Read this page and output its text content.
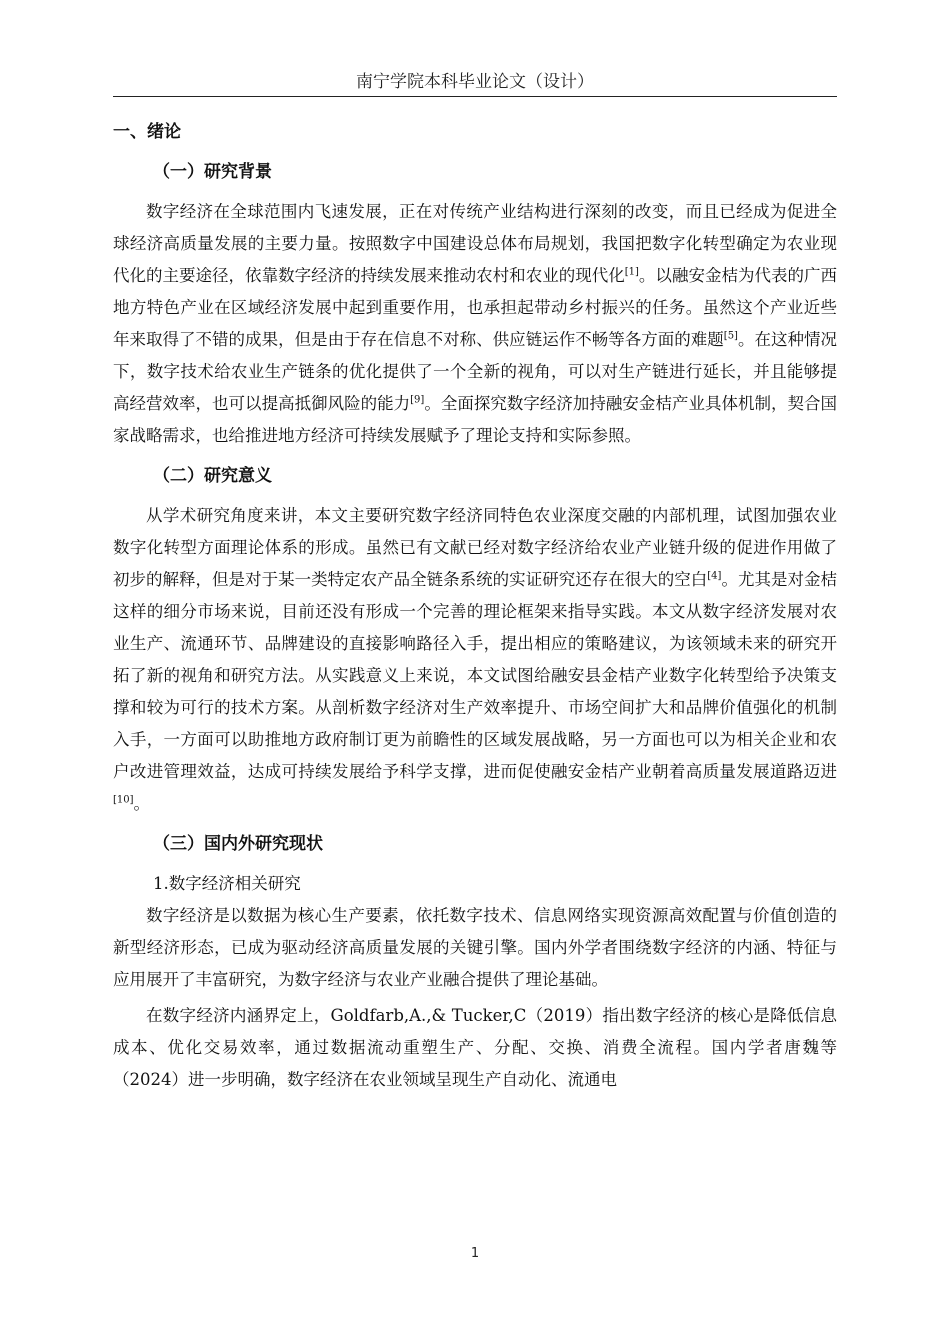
南宁学院本科毕业论文（设计）
一、绪论
（一）研究背景

数字经济在全球范围内飞速发展，正在对传统产业结构进行深刻的改变，而且已经成为促进全球经济高质量发展的主要力量。按照数字中国建设总体布局规划，我国把数字化转型确定为农业现代化的主要途径，依靠数字经济的持续发展来推动农村和农业的现代化[1]。以融安金桔为代表的广西地方特色产业在区域经济发展中起到重要作用，也承担起带动乡村振兴的任务。虽然这个产业近些年来取得了不错的成果，但是由于存在信息不对称、供应链运作不畅等各方面的难题[5]。在这种情况下，数字技术给农业生产链条的优化提供了一个全新的视角，可以对生产链进行延长，并且能够提高经营效率，也可以提高抵御风险的能力[9]。全面探究数字经济加持融安金桔产业具体机制，契合国家战略需求，也给推进地方经济可持续发展赋予了理论支持和实际参照。

（二）研究意义

从学术研究角度来讲，本文主要研究数字经济同特色农业深度交融的内部机理，试图加强农业数字化转型方面理论体系的形成。虽然已有文献已经对数字经济给农业产业链升级的促进作用做了初步的解释，但是对于某一类特定农产品全链条系统的实证研究还存在很大的空白[4]。尤其是对金桔这样的细分市场来说，目前还没有形成一个完善的理论框架来指导实践。本文从数字经济发展对农业生产、流通环节、品牌建设的直接影响路径入手，提出相应的策略建议，为该领域未来的研究开拓了新的视角和研究方法。从实践意义上来说，本文试图给融安县金桔产业数字化转型给予决策支撑和较为可行的技术方案。从剖析数字经济对生产效率提升、市场空间扩大和品牌价值强化的机制入手，一方面可以助推地方政府制订更为前瞻性的区域发展战略，另一方面也可以为相关企业和农户改进管理效益，达成可持续发展给予科学支撑，进而促使融安金桔产业朝着高质量发展道路迈进[10]。

（三）国内外研究现状
1.数字经济相关研究

数字经济是以数据为核心生产要素，依托数字技术、信息网络实现资源高效配置与价值创造的新型经济形态，已成为驱动经济高质量发展的关键引擎。国内外学者围绕数字经济的内涵、特征与应用展开了丰富研究，为数字经济与农业产业融合提供了理论基础。

在数字经济内涵界定上，Goldfarb,A.,& Tucker,C（2019）指出数字经济的核心是降低信息成本、优化交易效率，通过数据流动重塑生产、分配、交换、消费全流程。国内学者唐魏等（2024）进一步明确，数字经济在农业领域呈现生产自动化、流通电

1
